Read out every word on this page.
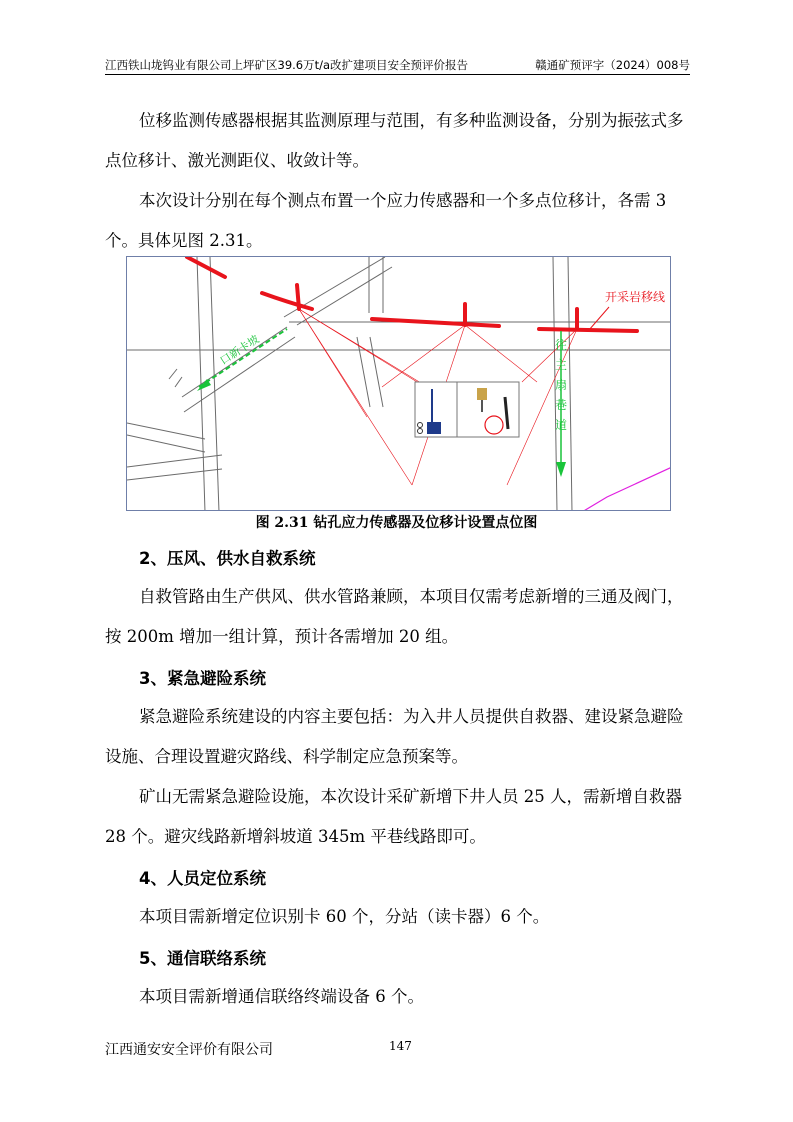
江西铁山垅钨业有限公司上坪矿区39.6万t/a改扩建项目安全预评价报告	赣通矿预评字（2024）008号

位移监测传感器根据其监测原理与范围，有多种监测设备，分别为振弦式多点位移计、激光测距仪、收敛计等。

本次设计分别在每个测点布置一个应力传感器和一个多点位移计，各需 3 个。具体见图 2.31。

开采岩移线
口新卡坡	往主扇巷道
图 2.31 钻孔应力传感器及位移计设置点位图

2、压风、供水自救系统

自救管路由生产供风、供水管路兼顾，本项目仅需考虑新增的三通及阀门，按 200m 增加一组计算，预计各需增加 20 组。

3、紧急避险系统

紧急避险系统建设的内容主要包括：为入井人员提供自救器、建设紧急避险设施、合理设置避灾路线、科学制定应急预案等。

矿山无需紧急避险设施，本次设计采矿新增下井人员 25 人，需新增自救器 28 个。避灾线路新增斜坡道 345m 平巷线路即可。

4、人员定位系统

本项目需新增定位识别卡 60 个，分站（读卡器）6 个。

5、通信联络系统

本项目需新增通信联络终端设备 6 个。

江西通安安全评价有限公司	147
